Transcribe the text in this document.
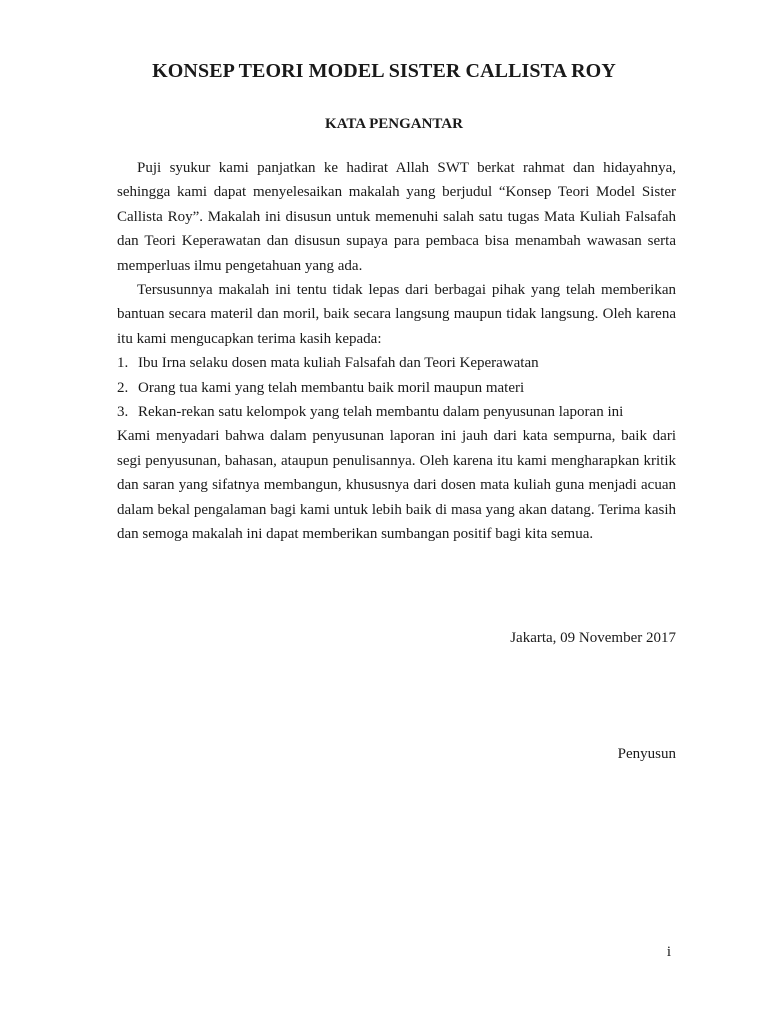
KONSEP TEORI MODEL SISTER CALLISTA ROY
KATA PENGANTAR

Puji syukur kami panjatkan ke hadirat Allah SWT berkat rahmat dan hidayahnya, sehingga kami dapat menyelesaikan makalah yang berjudul “Konsep Teori Model Sister Callista Roy”. Makalah ini disusun untuk memenuhi salah satu tugas Mata Kuliah Falsafah dan Teori Keperawatan dan disusun supaya para pembaca bisa menambah wawasan serta memperluas ilmu pengetahuan yang ada.

Tersusunnya makalah ini tentu tidak lepas dari berbagai pihak yang telah memberikan bantuan secara materil dan moril, baik secara langsung maupun tidak langsung. Oleh karena itu kami mengucapkan terima kasih kepada:

1. Ibu Irna selaku dosen mata kuliah Falsafah dan Teori Keperawatan
2. Orang tua kami yang telah membantu baik moril maupun materi
3. Rekan-rekan satu kelompok yang telah membantu dalam penyusunan laporan ini

Kami menyadari bahwa dalam penyusunan laporan ini jauh dari kata sempurna, baik dari segi penyusunan, bahasan, ataupun penulisannya. Oleh karena itu kami mengharapkan kritik dan saran yang sifatnya membangun, khususnya dari dosen mata kuliah guna menjadi acuan dalam bekal pengalaman bagi kami untuk lebih baik di masa yang akan datang. Terima kasih dan semoga makalah ini dapat memberikan sumbangan positif bagi kita semua.

Jakarta, 09 November 2017
Penyusun
i
